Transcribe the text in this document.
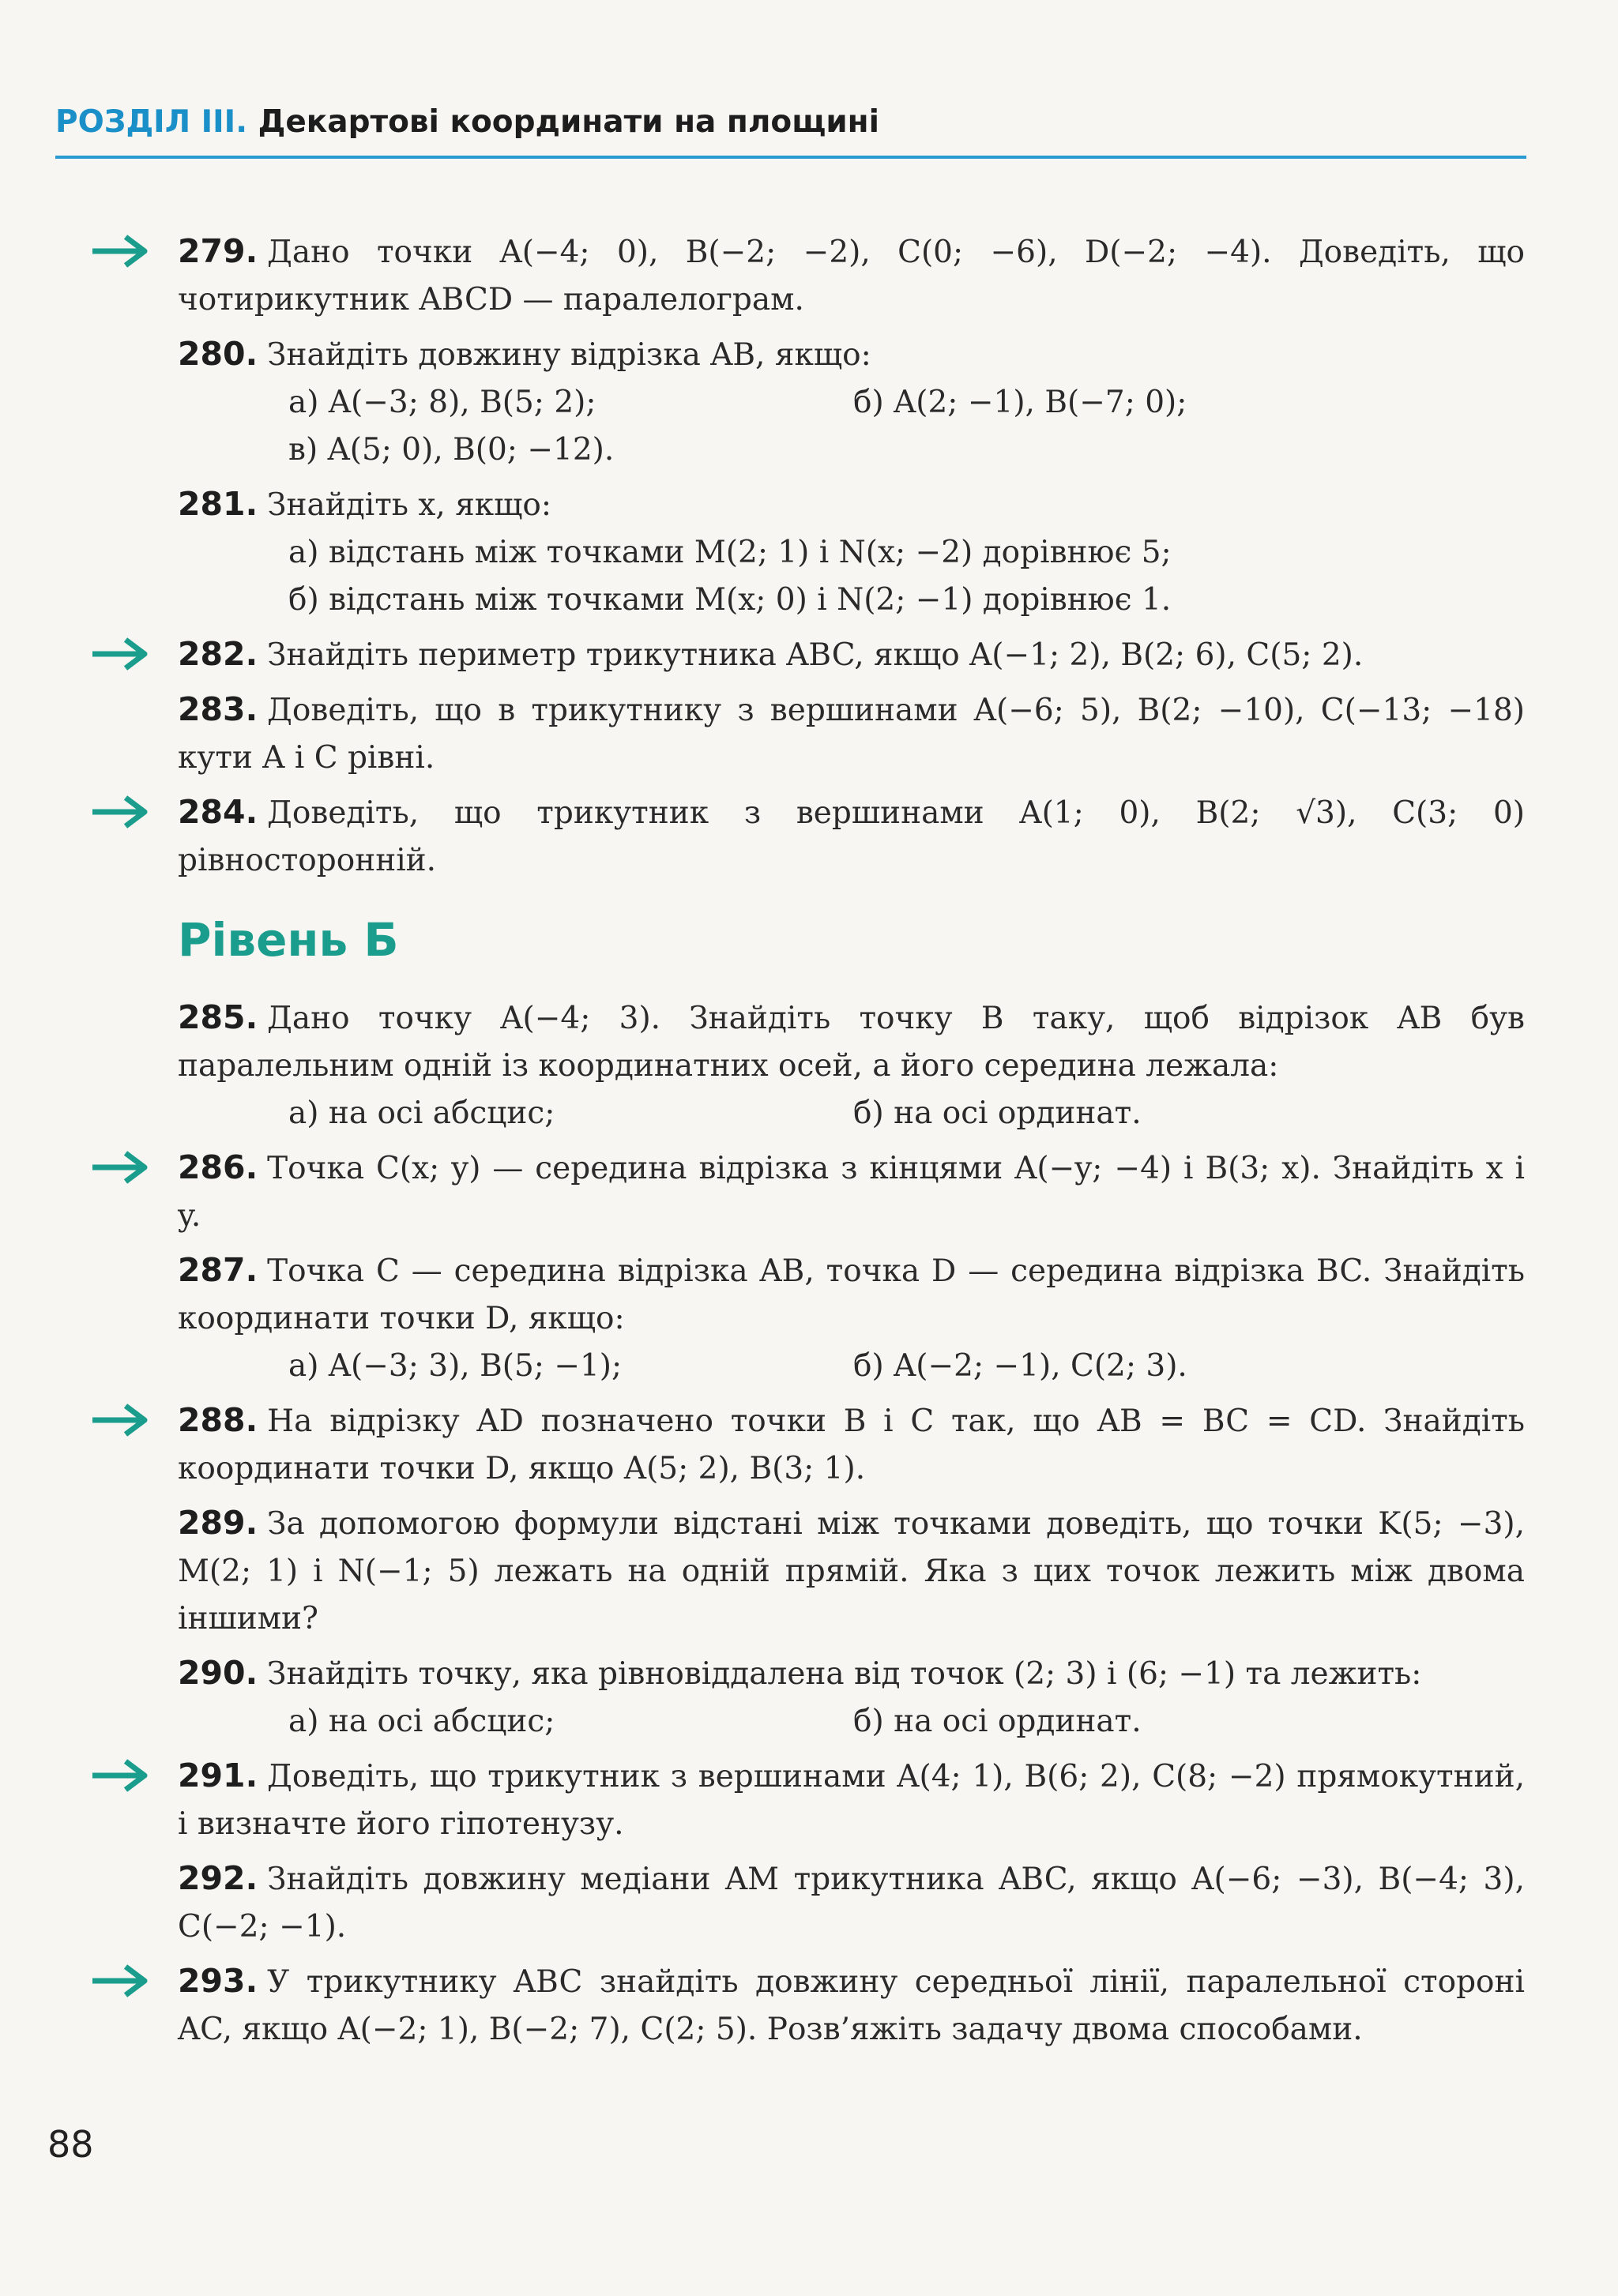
РОЗДІЛ III. Декартові координати на площині
279. Дано точки A(−4; 0), B(−2; −2), C(0; −6), D(−2; −4). Доведіть, що чотирикутник ABCD — паралелограм.
280. Знайдіть довжину відрізка AB, якщо:
а) A(−3; 8), B(5; 2);	б) A(2; −1), B(−7; 0);
в) A(5; 0), B(0; −12).
281. Знайдіть x, якщо:
а) відстань між точками M(2; 1) і N(x; −2) дорівнює 5;
б) відстань між точками M(x; 0) і N(2; −1) дорівнює 1.
282. Знайдіть периметр трикутника ABC, якщо A(−1; 2), B(2; 6), C(5; 2).
283. Доведіть, що в трикутнику з вершинами A(−6; 5), B(2; −10), C(−13; −18) кути A і C рівні.
284. Доведіть, що трикутник з вершинами A(1; 0), B(2; √3), C(3; 0) рівносторонній.
Рівень Б
285. Дано точку A(−4; 3). Знайдіть точку B таку, щоб відрізок AB був паралельним одній із координатних осей, а його середина лежала:
а) на осі абсцис;	б) на осі ординат.
286. Точка C(x; y) — середина відрізка з кінцями A(−y; −4) і B(3; x). Знайдіть x і y.
287. Точка C — середина відрізка AB, точка D — середина відрізка BC. Знайдіть координати точки D, якщо:
а) A(−3; 3), B(5; −1);	б) A(−2; −1), C(2; 3).
288. На відрізку AD позначено точки B і C так, що AB = BC = CD. Знайдіть координати точки D, якщо A(5; 2), B(3; 1).
289. За допомогою формули відстані між точками доведіть, що точки K(5; −3), M(2; 1) і N(−1; 5) лежать на одній прямій. Яка з цих точок лежить між двома іншими?
290. Знайдіть точку, яка рівновіддалена від точок (2; 3) і (6; −1) та лежить:
а) на осі абсцис;	б) на осі ординат.
291. Доведіть, що трикутник з вершинами A(4; 1), B(6; 2), C(8; −2) прямокутний, і визначте його гіпотенузу.
292. Знайдіть довжину медіани AM трикутника ABC, якщо A(−6; −3), B(−4; 3), C(−2; −1).
293. У трикутнику ABC знайдіть довжину середньої лінії, паралельної стороні AC, якщо A(−2; 1), B(−2; 7), C(2; 5). Розв’яжіть задачу двома способами.
88
